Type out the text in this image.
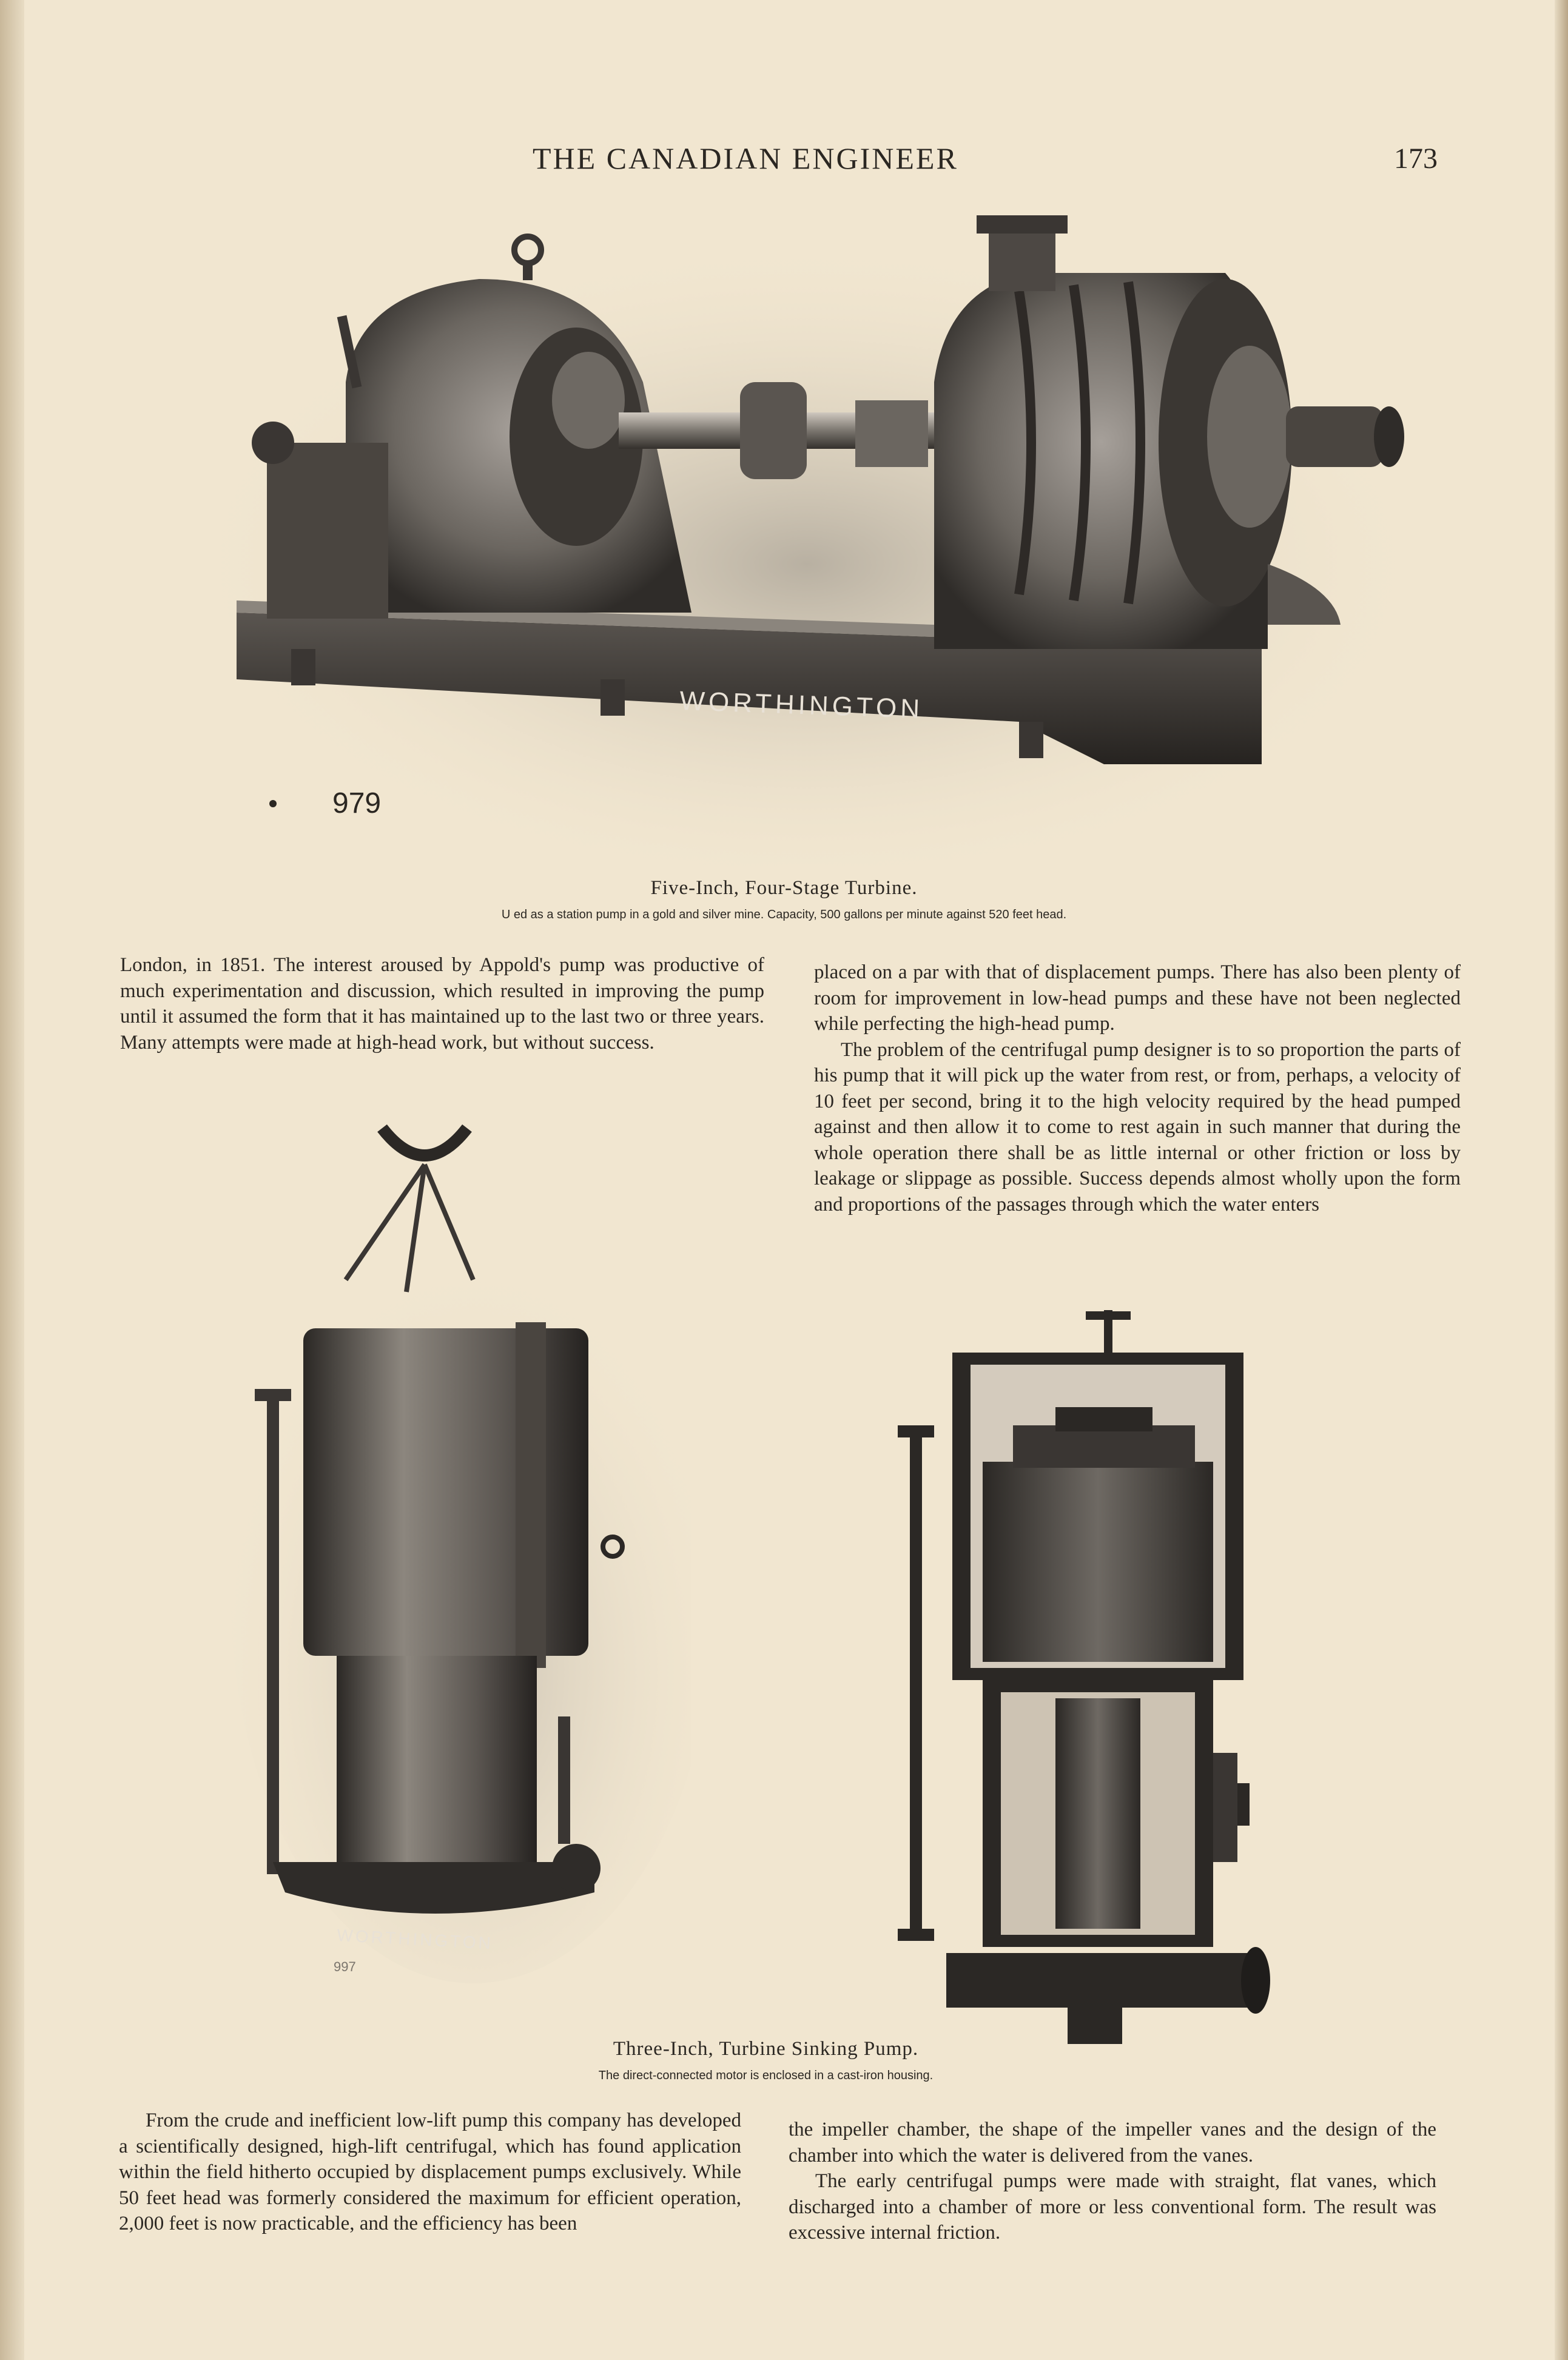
THE CANADIAN ENGINEER	173
WORTHINGTON
979
Five-Inch, Four-Stage Turbine.
U ed as a station pump in a gold and silver mine. Capacity, 500 gallons per minute against 520 feet head.

London, in 1851. The interest aroused by Appold's pump was productive of much experimentation and discussion, which resulted in improving the pump until it assumed the form that it has maintained up to the last two or three years. Many attempts were made at high-head work, but without success.

placed on a par with that of displacement pumps. There has also been plenty of room for improvement in low-head pumps and these have not been neglected while perfecting the high-head pump.

The problem of the centrifugal pump designer is to so proportion the parts of his pump that it will pick up the water from rest, or from, perhaps, a velocity of 10 feet per second, bring it to the high velocity required by the head pumped against and then allow it to come to rest again in such manner that during the whole operation there shall be as little internal or other friction or loss by leakage or slippage as possible. Success depends almost wholly upon the form and proportions of the passages through which the water enters

WORTHINGTON
997
Three-Inch, Turbine Sinking Pump.
The direct-connected motor is enclosed in a cast-iron housing.

From the crude and inefficient low-lift pump this company has developed a scientifically designed, high-lift centrifugal, which has found application within the field hitherto occupied by displacement pumps exclusively. While 50 feet head was formerly considered the maximum for efficient operation, 2,000 feet is now practicable, and the efficiency has been

the impeller chamber, the shape of the impeller vanes and the design of the chamber into which the water is delivered from the vanes.

The early centrifugal pumps were made with straight, flat vanes, which discharged into a chamber of more or less conventional form. The result was excessive internal friction.
